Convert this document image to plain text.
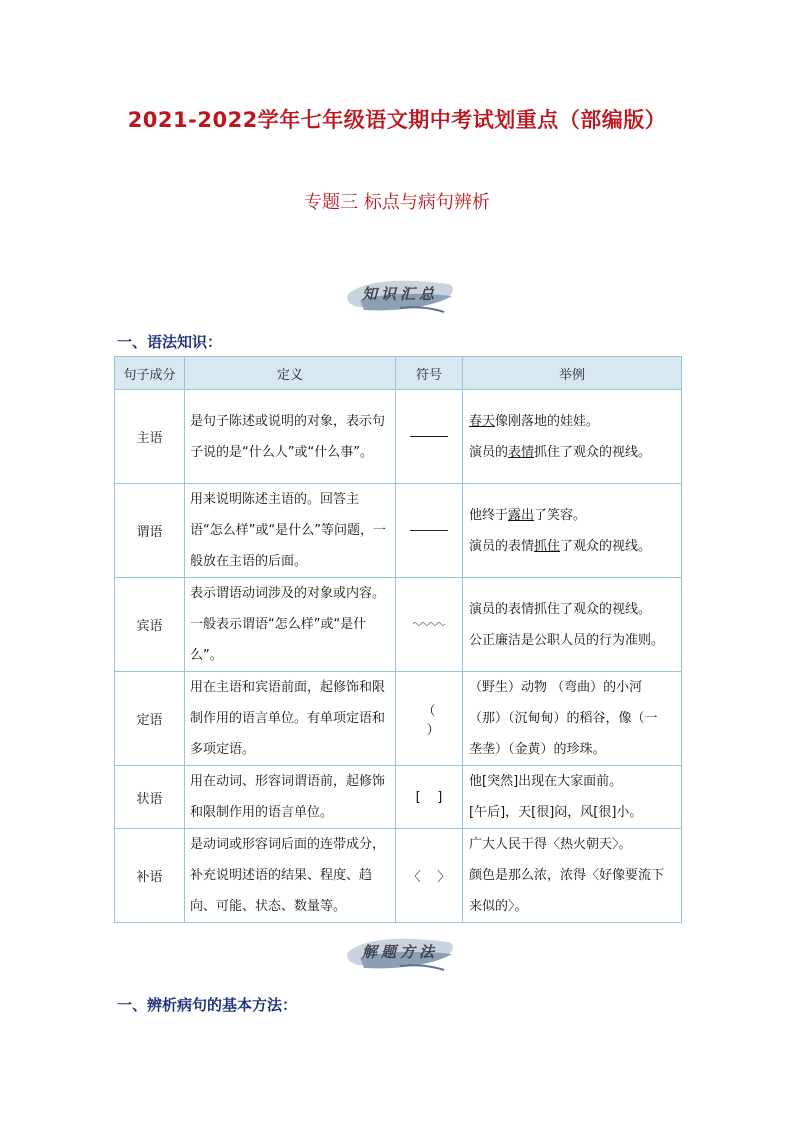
2021-2022学年七年级语文期中考试划重点（部编版）
专题三 标点与病句辨析
知识汇总
一、语法知识：
句子成分	定义	符号	举例
主语	是句子陈述或说明的对象，表示句子说的是“什么人”或“什么事”。		春天像刚落地的娃娃。
演员的表情抓住了观众的视线。

谓语	用来说明陈述主语的。回答主语“怎么样”或“是什么”等问题，一般放在主语的后面。		他终于露出了笑容。
演员的表情抓住了观众的视线。

宾语	表示谓语动词涉及的对象或内容。一般表示谓语“怎么样”或“是什么”。		演员的表情抓住了观众的视线。
公正廉洁是公职人员的行为准则。

定语	用在主语和宾语前面，起修饰和限制作用的语言单位。有单项定语和多项定语。	（
）	（野生）动物 （弯曲）的小河
（那）（沉甸甸）的稻谷，像（一
垄垄）（金黄）的珍珠。

状语	用在动词、形容词谓语前，起修饰和限制作用的语言单位。	[    ]	他[突然]出现在大家面前。
[午后]，天[很]闷，风[很]小。

补语	是动词或形容词后面的连带成分，补充说明述语的结果、程度、趋向、可能、状态、数量等。	〈    〉	广大人民干得〈热火朝天〉。
颜色是那么浓，浓得〈好像要流下
来似的〉。
解题方法
一、辨析病句的基本方法：
